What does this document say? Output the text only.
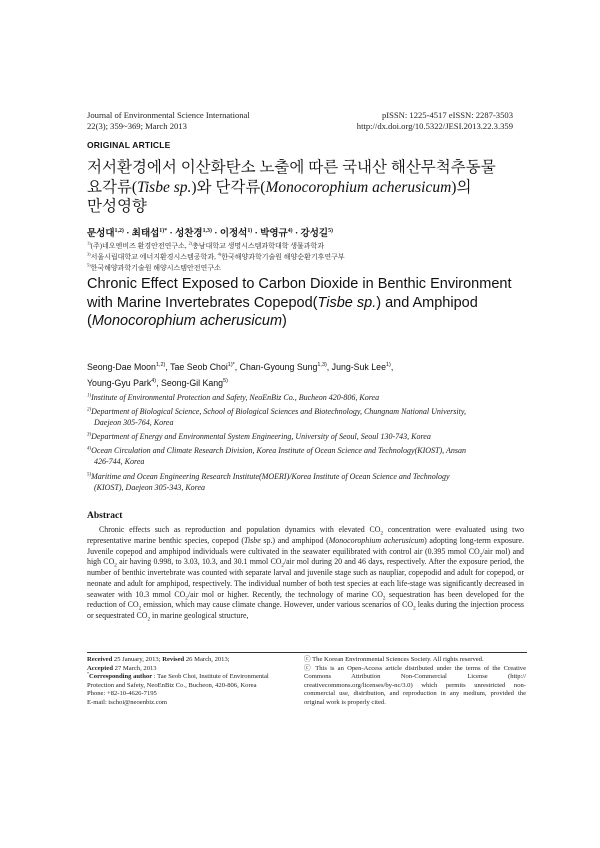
Journal of Environmental Science International
22(3); 359~369; March 2013
pISSN: 1225-4517 eISSN: 2287-3503
http://dx.doi.org/10.5322/JESI.2013.22.3.359
ORIGINAL ARTICLE
저서환경에서 이산화탄소 노출에 따른 국내산 해산무척추동물
요각류(Tisbe sp.)와 단각류(Monocorophium acherusicum)의
만성영향
문성대$^{1,2)}$ · 최태섭$^{1)*}$ · 성찬경$^{1,3)}$ · 이정석$^{1)}$ · 박영규$^{4)}$ · 강성길$^{5)}$
$^{1)}$(주)네오엔비즈 환경안전연구소, $^{2)}$충남대학교 생명시스템과학대학 생물과학과
$^{3)}$서울시립대학교 에너지환경시스템공학과, $^{4)}$한국해양과학기술원 해양순환기후연구부
$^{5)}$한국해양과학기술원 해양시스템안전연구소
Chronic Effect Exposed to Carbon Dioxide in Benthic Environment
with Marine Invertebrates Copepod(Tisbe sp.) and Amphipod
(Monocorophium acherusicum)
Seong-Dae Moon$^{1,2)}$, Tae Seob Choi$^{1)*}$, Chan-Gyoung Sung$^{1,3)}$, Jung-Suk Lee$^{1)}$,
Young-Gyu Park$^{4)}$, Seong-Gil Kang$^{5)}$
$^{1)}$Institute of Environmental Protection and Safety, NeoEnBiz Co., Bucheon 420-806, Korea
$^{2)}$Department of Biological Science, School of Biological Sciences and Biotechnology, Chungnam National University,
Daejeon 305-764, Korea
$^{3)}$Department of Energy and Environmental System Engineering, University of Seoul, Seoul 130-743, Korea
$^{4)}$Ocean Circulation and Climate Research Division, Korea Institute of Ocean Science and Technology(KIOST), Ansan
426-744, Korea
$^{5)}$Maritime and Ocean Engineering Research Institute(MOERI)/Korea Institute of Ocean Science and Technology
(KIOST), Daejeon 305-343, Korea
Abstract
Chronic effects such as reproduction and population dynamics with elevated $CO_2$ concentration were evaluated using two representative marine benthic species, copepod (Tisbe sp.) and amphipod (Monocorophium acherusicum) adopting long-term exposure. Juvenile copepod and amphipod individuals were cultivated in the seawater equilibrated with control air (0.395 mmol $CO_2$/air mol) and high $CO_2$ air having 0.998, to 3.03, 10.3, and 30.1 mmol $CO_2$/air mol during 20 and 46 days, respectively. After the exposure period, the number of benthic invertebrate was counted with separate larval and juvenile stage such as naupliar, copepodid and adult for copepod, or neonate and adult for amphipod, respectively. The individual number of both test species at each life-stage was significantly decreased in seawater with 10.3 mmol $CO_2$/air mol or higher. Recently, the technology of marine $CO_2$ sequestration has been developed for the reduction of $CO_2$ emission, which may cause climate change. However, under various scenarios of $CO_2$ leaks during the injection process or sequestrated $CO_2$ in marine geological structure,
Received 25 January, 2013; Revised 26 March, 2013;
Accepted 27 March, 2013
*Corresponding author : Tae Seob Choi, Institute of Environmental Protection and Safety, NeoEnBiz Co., Bucheon, 420-806, Korea
Phone: +82-10-4626-7195
E-mail: tschoi@neoenbiz.com
ⓒ The Korean Environmental Sciences Society. All rights reserved.
ⓒ This is an Open-Access article distributed under the terms of the Creative Commons Attribution Non-Commercial License (http:// creativecommons.org/licenses/by-nc/3.0) which permits unrestricted non-commercial use, distribution, and reproduction in any medium, provided the original work is properly cited.
